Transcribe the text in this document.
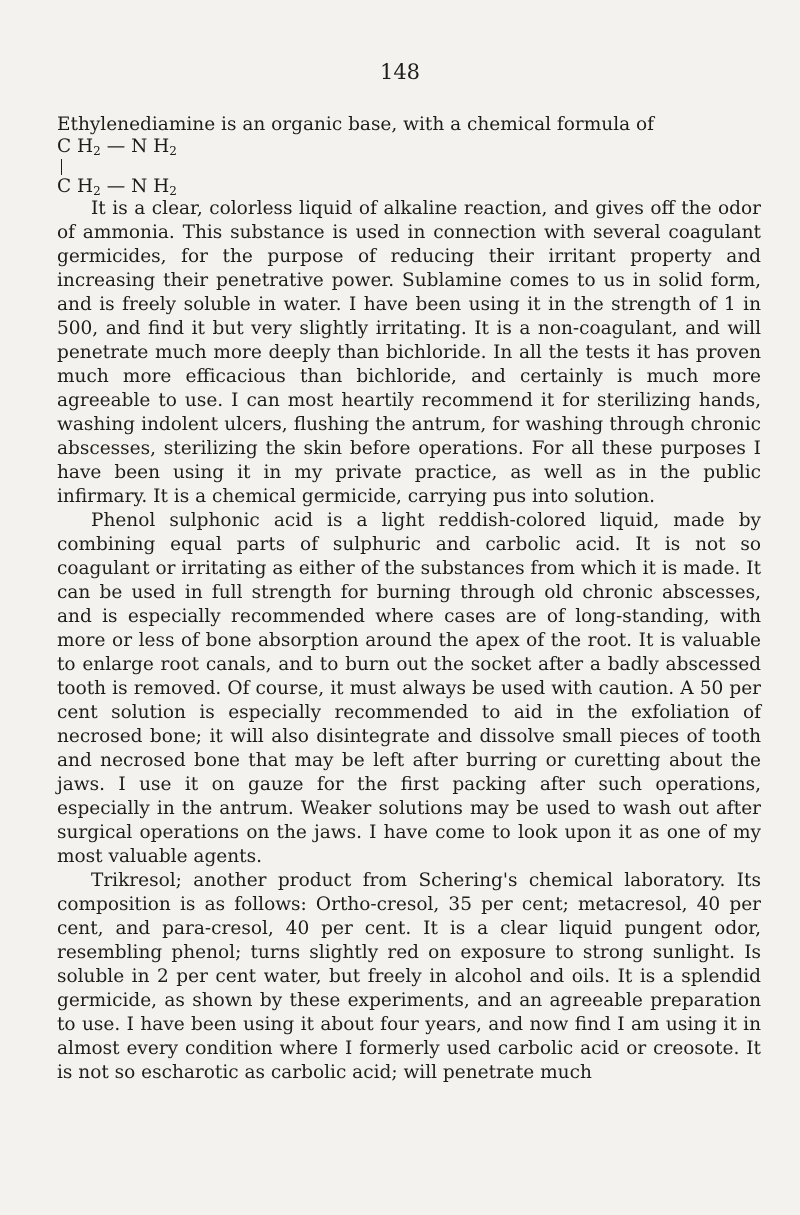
148

Ethylenediamine is an organic base, with a chemical formula of

C $H_2$ — N $H_2$
C $H_2$ — N $H_2$

It is a clear, colorless liquid of alkaline reaction, and gives off the odor of ammonia. This substance is used in connection with several coagulant germicides, for the purpose of reducing their irritant property and increasing their penetrative power. Sublamine comes to us in solid form, and is freely soluble in water. I have been using it in the strength of 1 in 500, and find it but very slightly irritating. It is a non-coagulant, and will penetrate much more deeply than bichloride. In all the tests it has proven much more efficacious than bichloride, and certainly is much more agreeable to use. I can most heartily recommend it for sterilizing hands, washing indolent ulcers, flushing the antrum, for washing through chronic abscesses, sterilizing the skin before operations. For all these purposes I have been using it in my private practice, as well as in the public infirmary. It is a chemical germicide, carrying pus into solution.

Phenol sulphonic acid is a light reddish-colored liquid, made by combining equal parts of sulphuric and carbolic acid. It is not so coagulant or irritating as either of the substances from which it is made. It can be used in full strength for burning through old chronic abscesses, and is especially recommended where cases are of long-standing, with more or less of bone absorption around the apex of the root. It is valuable to enlarge root canals, and to burn out the socket after a badly abscessed tooth is removed. Of course, it must always be used with caution. A 50 per cent solution is especially recommended to aid in the exfoliation of necrosed bone; it will also disintegrate and dissolve small pieces of tooth and necrosed bone that may be left after burring or curetting about the jaws. I use it on gauze for the first packing after such operations, especially in the antrum. Weaker solutions may be used to wash out after surgical operations on the jaws. I have come to look upon it as one of my most valuable agents.

Trikresol; another product from Schering's chemical laboratory. Its composition is as follows: Ortho-cresol, 35 per cent; metacresol, 40 per cent, and para-cresol, 40 per cent. It is a clear liquid pungent odor, resembling phenol; turns slightly red on exposure to strong sunlight. Is soluble in 2 per cent water, but freely in alcohol and oils. It is a splendid germicide, as shown by these experiments, and an agreeable preparation to use. I have been using it about four years, and now find I am using it in almost every condition where I formerly used carbolic acid or creosote. It is not so escharotic as carbolic acid; will penetrate much
